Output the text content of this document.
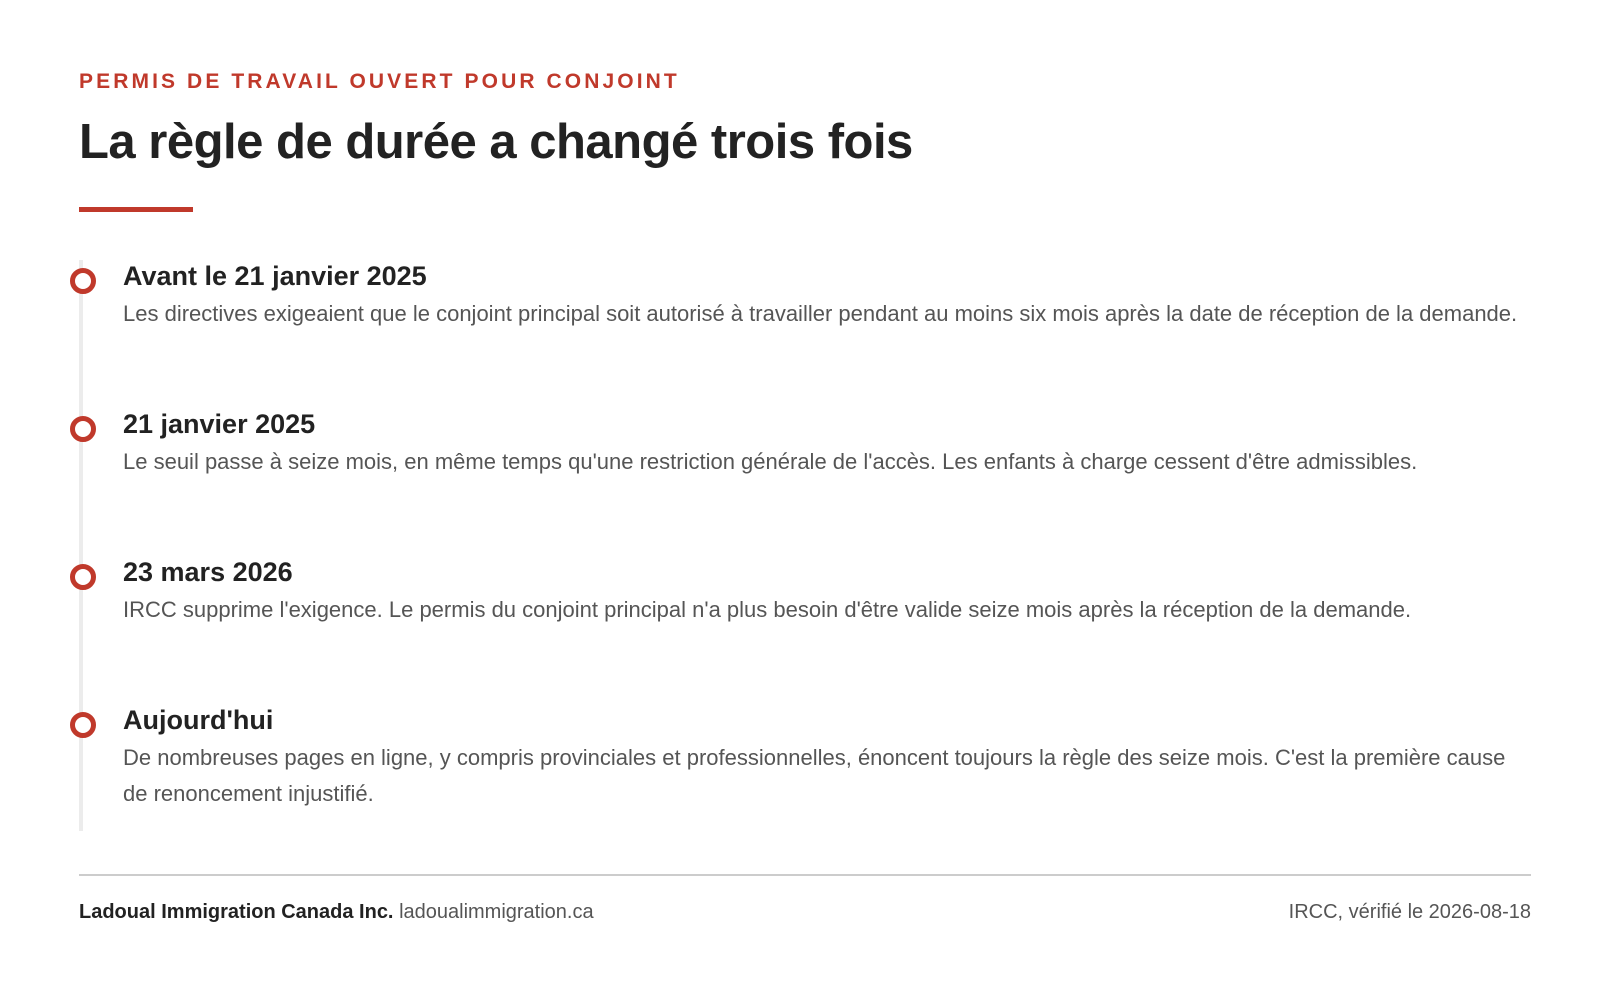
PERMIS DE TRAVAIL OUVERT POUR CONJOINT
La règle de durée a changé trois fois
Avant le 21 janvier 2025
Les directives exigeaient que le conjoint principal soit autorisé à travailler pendant au moins six mois après la date de réception de la demande.
21 janvier 2025
Le seuil passe à seize mois, en même temps qu'une restriction générale de l'accès. Les enfants à charge cessent d'être admissibles.
23 mars 2026
IRCC supprime l'exigence. Le permis du conjoint principal n'a plus besoin d'être valide seize mois après la réception de la demande.
Aujourd'hui
De nombreuses pages en ligne, y compris provinciales et professionnelles, énoncent toujours la règle des seize mois. C'est la première cause de renoncement injustifié.
Ladoual Immigration Canada Inc. ladoualimmigration.ca	IRCC, vérifié le 2026-08-18
